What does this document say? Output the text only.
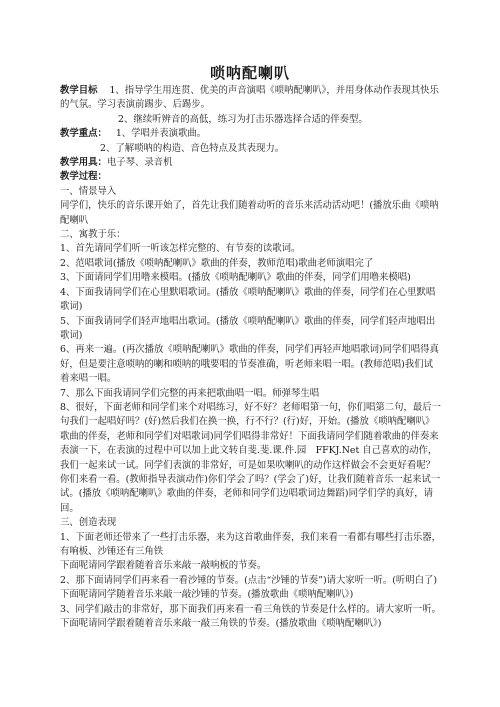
唢呐配喇叭

教学目标 1、指导学生用连贯、优美的声音演唱《唢呐配喇叭》，并用身体动作表现其快乐的气氛。学习表演前踢步、后踢步。

2、继续听辨音的高低，练习为打击乐器选择合适的伴奏型。

教学重点： 1、学唱并表演歌曲。

2、了解唢呐的构造、音色特点及其表现力。

教学用具：电子琴、录音机

教学过程：

一、情景导入

同学们，快乐的音乐课开始了，首先让我们随着动听的音乐来活动活动吧！(播放乐曲《唢呐配喇叭

二、寓教于乐：

1、首先请同学们听一听该怎样完整的、有节奏的读歌词。

2、范唱歌词(播放《唢呐配喇叭》歌曲的伴奏，教师范唱)歌曲老师演唱完了

3、下面请同学们用噜来模唱。(播放《唢呐配喇叭》歌曲的伴奏，同学们用噜来模唱)

4、下面我请同学们在心里默唱歌词。(播放《唢呐配喇叭》歌曲的伴奏，同学们在心里默唱歌词)

5、下面我请同学们轻声地唱出歌词。(播放《唢呐配喇叭》歌曲的伴奏，同学们轻声地唱出歌词)

6、再来一遍。(再次播放《唢呐配喇叭》歌曲的伴奏，同学们再轻声地唱歌词)同学们唱得真好，但是要注意唢呐的喇和唢呐的哦要唱的节奏准确，听老师来唱一唱。(教师范唱)我们试着来唱一唱。

7、那么下面我请同学们完整的再来把歌曲唱一唱。师弹琴生唱

8、很好，下面老师和同学们来个对唱练习，好不好？老师唱第一句，你们唱第二句，最后一句我们一起唱好吗？(好)然后我们在换一换，行不行？(行)好，开始。(播放《唢呐配喇叭》歌曲的伴奏，老师和同学们对唱歌词)同学们唱得非常好！下面我请同学们随着歌曲的伴奏来表演一下，在表演的过程中可以加上此文转自斐.斐.课.件.园　FFKJ.Net 自己喜欢的动作，我们一起来试一试。同学们表演的非常好，可是如果吹喇叭的动作这样做会不会更好看呢？你们来看一看。(教师指导表演动作)你们学会了吗？(学会了)好，让我们随着音乐一起来试一试。(播放《唢呐配喇叭》歌曲的伴奏，老师和同学们边唱歌词边舞蹈)同学们学的真好，请回。

三、创造表现

1、下面老师还带来了一些打击乐器，来为这首歌曲伴奏，我们来看一看都有哪些打击乐器，有响板、沙锤还有三角铁

下面呢请同学跟着随着音乐来敲一敲响板的节奏。

2、那下面请同学们再来看一看沙锤的节奏。(点击“沙锤的节奏”)请大家听一听。(听明白了)下面呢请同学随着音乐来敲一敲沙锤的节奏。(播放歌曲《唢呐配喇叭》)

3、同学们敲击的非常好，那下面我们再来看一看三角铁的节奏是什么样的。请大家听一听。下面呢请同学跟着随着音乐来敲一敲三角铁的节奏。(播放歌曲《唢呐配喇叭》)
